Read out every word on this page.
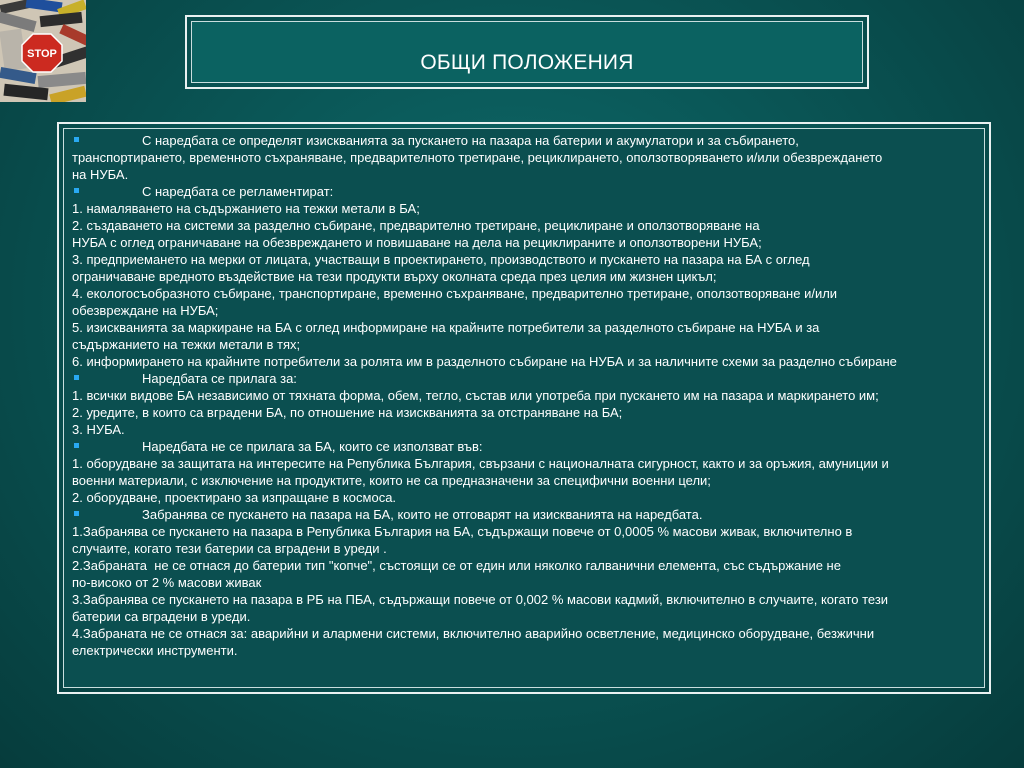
STOP	ОБЩИ ПОЛОЖЕНИЯ
С наредбата се определят изискванията за пускането на пазара на батерии и акумулатори и за събирането,
транспортирането, временното съхраняване, предварителното третиране, рециклирането, оползотворяването и/или обезвреждането
на НУБА.
С наредбата се регламентират:
1. намаляването на съдържанието на тежки метали в БА;
2. създаването на системи за разделно събиране, предварително третиране, рециклиране и оползотворяване на
НУБА с оглед ограничаване на обезвреждането и повишаване на дела на рециклираните и оползотворени НУБА;
3. предприемането на мерки от лицата, участващи в проектирането, производството и пускането на пазара на БА с оглед
ограничаване вредното въздействие на тези продукти върху околната среда през целия им жизнен цикъл;
4. екологосъобразното събиране, транспортиране, временно съхраняване, предварително третиране, оползотворяване и/или
обезвреждане на НУБА;
5. изискванията за маркиране на БА с оглед информиране на крайните потребители за разделното събиране на НУБА и за
съдържанието на тежки метали в тях;
6. информирането на крайните потребители за ролята им в разделното събиране на НУБА и за наличните схеми за разделно събиране
Наредбата се прилага за:
1. всички видове БА независимо от тяхната форма, обем, тегло, състав или употреба при пускането им на пазара и маркирането им;
2. уредите, в които са вградени БА, по отношение на изискванията за отстраняване на БА;
3. НУБА.
Наредбата не се прилага за БА, които се използват във:
1. оборудване за защитата на интересите на Република България, свързани с националната сигурност, както и за оръжия, амуниции и
военни материали, с изключение на продуктите, които не са предназначени за специфични военни цели;
2. оборудване, проектирано за изпращане в космоса.
Забранява се пускането на пазара на БА, които не отговарят на изискванията на наредбата.
1.Забранява се пускането на пазара в Република България на БА, съдържащи повече от 0,0005 % масови живак, включително в
случаите, когато тези батерии са вградени в уреди .
2.Забраната  не се отнася до батерии тип "копче", състоящи се от един или няколко галванични елемента, със съдържание не
по-високо от 2 % масови живак
3.Забранява се пускането на пазара в РБ на ПБА, съдържащи повече от 0,002 % масови кадмий, включително в случаите, когато тези
батерии са вградени в уреди.
4.Забраната не се отнася за: аварийни и алармени системи, включително аварийно осветление, медицинско оборудване, безжични
електрически инструменти.
